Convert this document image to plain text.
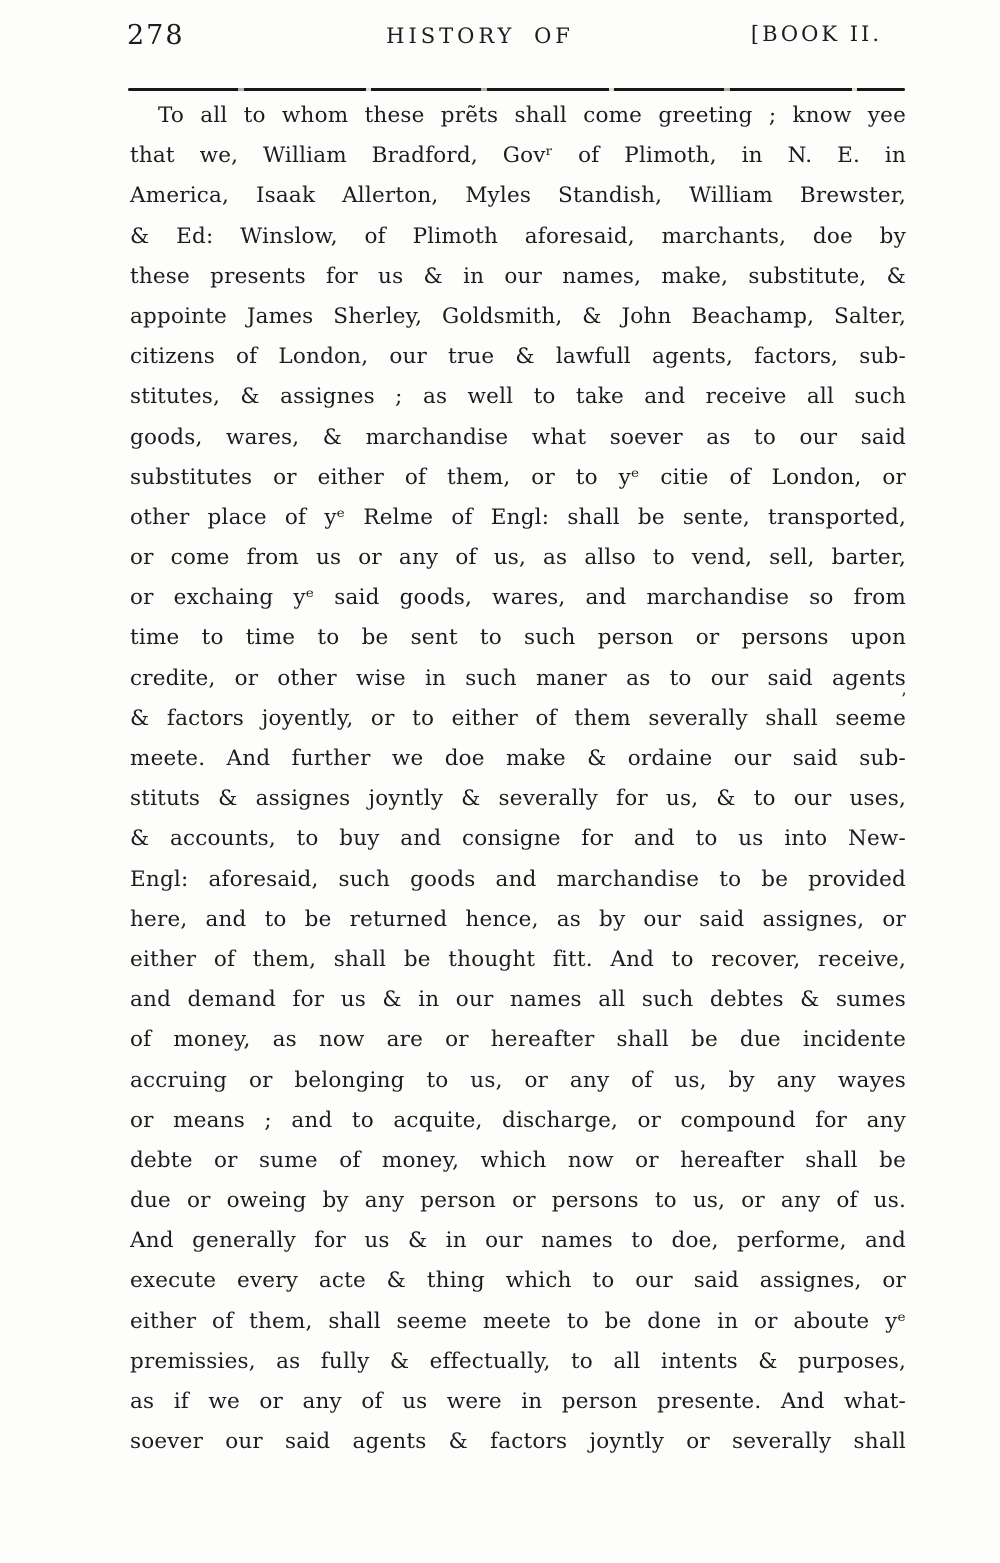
278	HISTORY OF	[BOOK II.
To all to whom these prẽts shall come greeting ; know yee
that we, William Bradford, Govʳ of Plimoth, in N. E. in
America, Isaak Allerton, Myles Standish, William Brewster,
& Ed: Winslow, of Plimoth aforesaid, marchants, doe by
these presents for us & in our names, make, substitute, &
appointe James Sherley, Goldsmith, & John Beachamp, Salter,
citizens of London, our true & lawfull agents, factors, sub-
stitutes, & assignes ; as well to take and receive all such
goods, wares, & marchandise what soever as to our said
substitutes or either of them, or to yᵉ citie of London, or
other place of yᵉ Relme of Engl: shall be sente, transported,
or come from us or any of us, as allso to vend, sell, barter,
or exchaing yᵉ said goods, wares, and marchandise so from
time to time to be sent to such person or persons upon
credite, or other wise in such maner as to our said agents
& factors joyently, or to either of them severally shall seeme
meete. And further we doe make & ordaine our said sub-
stituts & assignes joyntly & severally for us, & to our uses,
& accounts, to buy and consigne for and to us into New-
Engl: aforesaid, such goods and marchandise to be provided
here, and to be returned hence, as by our said assignes, or
either of them, shall be thought fitt. And to recover, receive,
and demand for us & in our names all such debtes & sumes
of money, as now are or hereafter shall be due incidente
accruing or belonging to us, or any of us, by any wayes
or means ; and to acquite, discharge, or compound for any
debte or sume of money, which now or hereafter shall be
due or oweing by any person or persons to us, or any of us.
And generally for us & in our names to doe, performe, and
execute every acte & thing which to our said assignes, or
either of them, shall seeme meete to be done in or aboute yᵉ
premissies, as fully & effectually, to all intents & purposes,
as if we or any of us were in person presente. And what-
soever our said agents & factors joyntly or severally shall
’
